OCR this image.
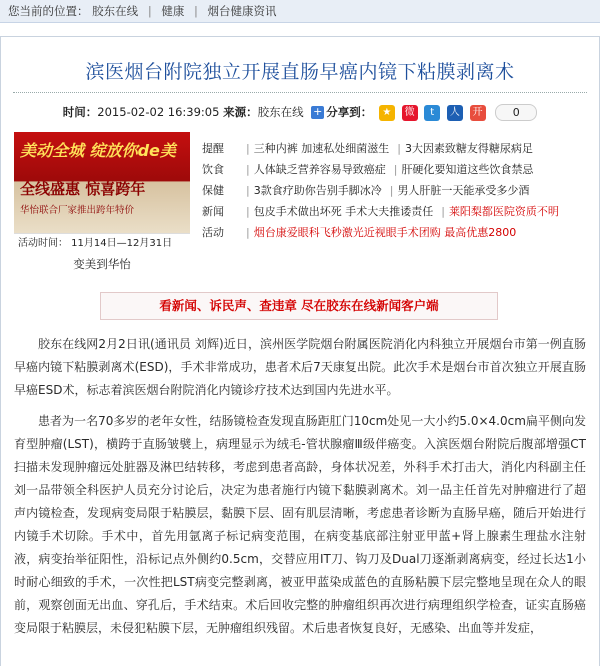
您当前的位置： 胶东在线 | 健康 | 烟台健康资讯
滨医烟台附院独立开展直肠早癌内镜下粘膜剥离术
时间：2015-02-02 16:39:05 来源：胶东在线 + 分享到： ★ 微 t 人 开	0
美动全城 绽放你de美
全线盛惠 惊喜跨年
华怡联合厂家推出跨年特价
活动时间： 11月14日—12月31日
变美到华怡
提醒 | 三种内裤 加速私处细菌滋生 | 3大因素致糖友得糖尿病足
饮食 | 人体缺乏营养容易导致癌症 | 肝硬化要知道这些饮食禁忌
保健 | 3款食疗助你告别手脚冰冷 | 男人肝脏一天能承受多少酒
新闻 | 包皮手术做出坏死 手术大夫推诿责任 | 莱阳梨都医院资质不明
活动 | 烟台康爱眼科飞秒激光近视眼手术团购 最高优惠2800
看新闻、诉民声、查违章 尽在胶东在线新闻客户端

胶东在线网2月2日讯(通讯员 刘辉)近日，滨州医学院烟台附属医院消化内科独立开展烟台市第一例直肠早癌内镜下粘膜剥离术(ESD)，手术非常成功，患者术后7天康复出院。此次手术是烟台市首次独立开展直肠早癌ESD术，标志着滨医烟台附院消化内镜诊疗技术达到国内先进水平。

患者为一名70多岁的老年女性，结肠镜检查发现直肠距肛门10cm处见一大小约5.0×4.0cm扁平侧向发育型肿瘤(LST)，横跨于直肠皱襞上，病理显示为绒毛-管状腺瘤Ⅲ级伴癌变。入滨医烟台附院后腹部增强CT扫描未发现肿瘤远处脏器及淋巴结转移，考虑到患者高龄，身体状况差，外科手术打击大，消化内科副主任刘一品带领全科医护人员充分讨论后，决定为患者施行内镜下黏膜剥离术。刘一品主任首先对肿瘤进行了超声内镜检查，发现病变局限于粘膜层，黏膜下层、固有肌层清晰，考虑患者诊断为直肠早癌，随后开始进行内镜手术切除。手术中，首先用氩离子标记病变范围，在病变基底部注射亚甲蓝+肾上腺素生理盐水注射液，病变抬举征阳性，沿标记点外侧约0.5cm，交替应用IT刀、钩刀及Dual刀逐渐剥离病变，经过长达1小时耐心细致的手术，一次性把LST病变完整剥离，被亚甲蓝染成蓝色的直肠粘膜下层完整地呈现在众人的眼前，观察创面无出血、穿孔后，手术结束。术后回收完整的肿瘤组织再次进行病理组织学检查，证实直肠癌变局限于粘膜层，未侵犯粘膜下层，无肿瘤组织残留。术后患者恢复良好，无感染、出血等并发症，
